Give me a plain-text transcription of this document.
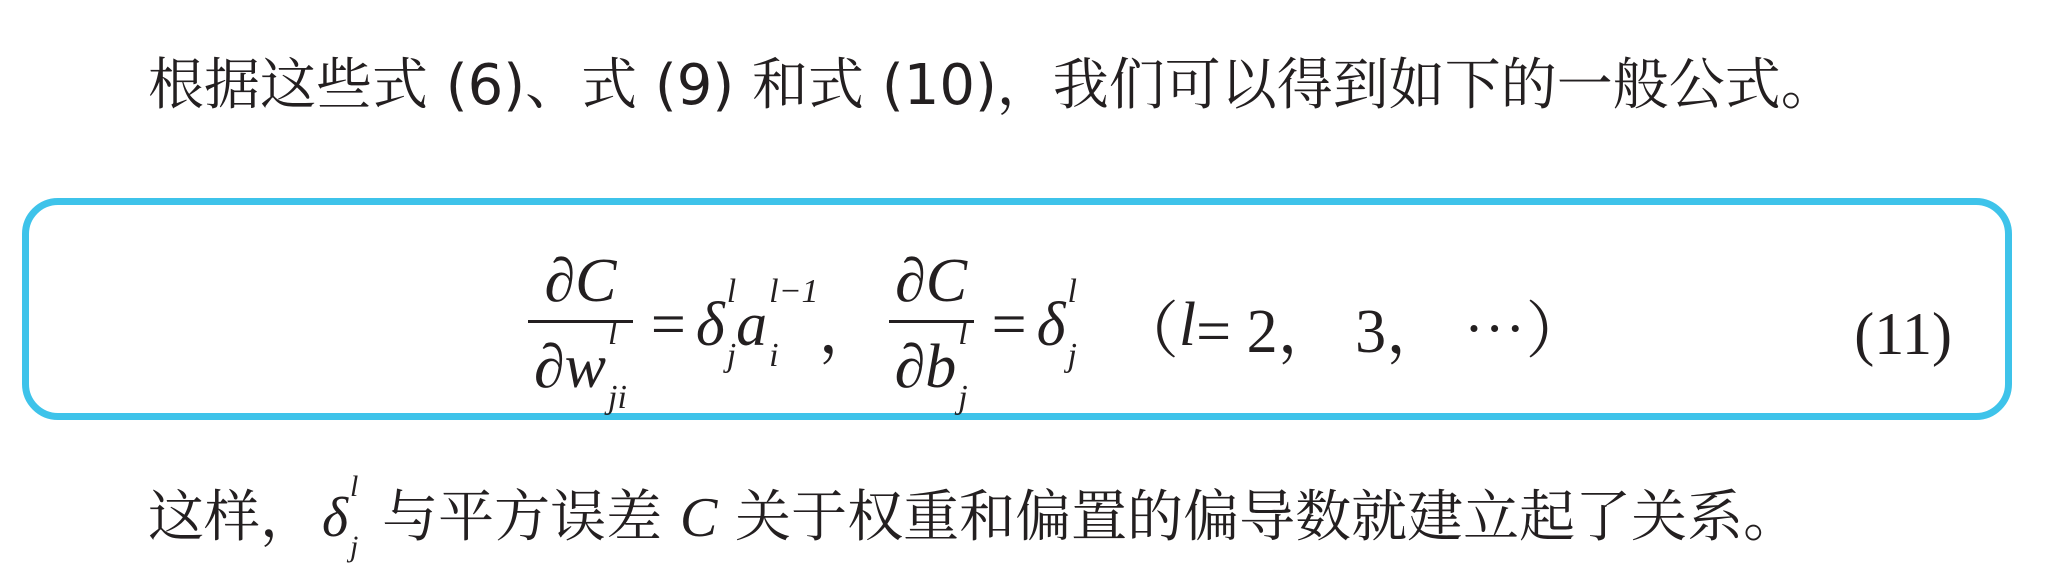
根据这些式 (6)、式 (9) 和式 (10)，我们可以得到如下的一般公式。
∂C
∂w l
ji = δ l
j a l−1
i ， ∂C
∂b l
j = δ l
j （ l = 2， 3， ⋯）	(11)
这样， δ
l
j 与平方误差 C 关于权重和偏置的偏导数就建立起了关系。
